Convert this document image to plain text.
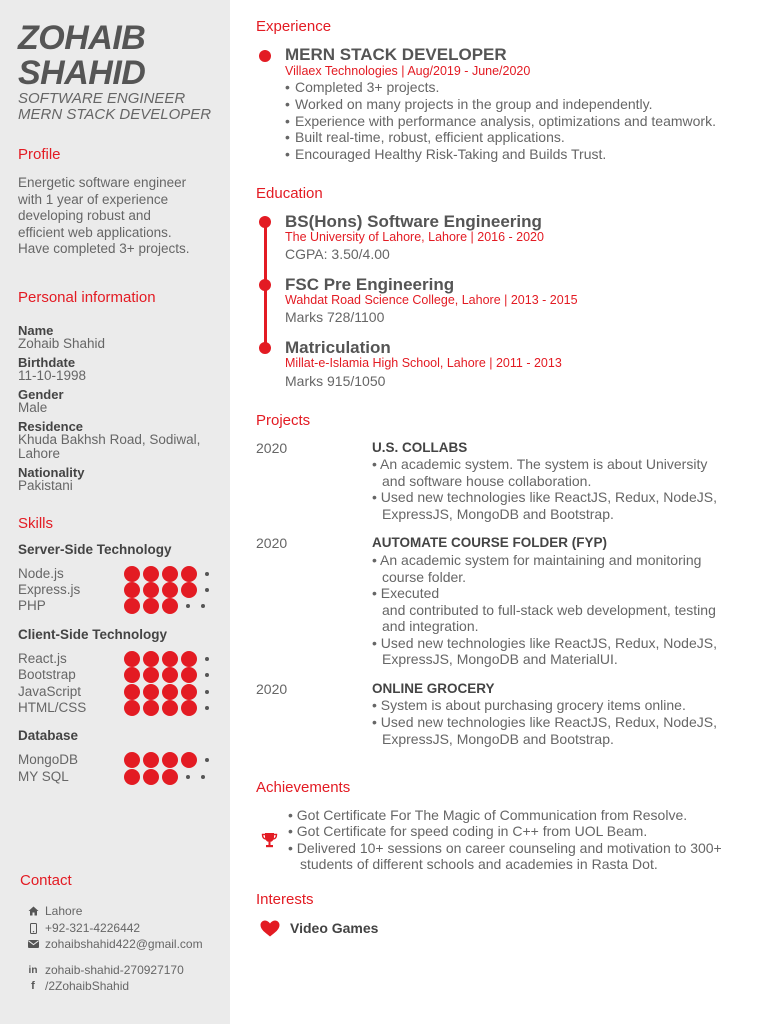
ZOHAIB
SHAHID
SOFTWARE ENGINEER
MERN STACK DEVELOPER
Profile
Energetic software engineer
with 1 year of experience
developing robust and
efficient web applications.
Have completed 3+ projects.
Personal information
Name
Zohaib Shahid
Birthdate
11-10-1998
Gender
Male
Residence
Khuda Bakhsh Road, Sodiwal,
Lahore
Nationality
Pakistani
Skills
Server-Side Technology
Node.js
Express.js
PHP
Client-Side Technology
React.js
Bootstrap
JavaScript
HTML/CSS
Database
MongoDB
MY SQL
Contact
Lahore
+92-321-4226442
zohaibshahid422@gmail.com
in zohaib-shahid-270927170
f /2ZohaibShahid
Experience
MERN STACK DEVELOPER
Villaex Technologies | Aug/2019 - June/2020
• Completed 3+ projects.
• Worked on many projects in the group and independently.
• Experience with performance analysis, optimizations and teamwork.
• Built real-time, robust, efficient applications.
• Encouraged Healthy Risk-Taking and Builds Trust.
Education
BS(Hons) Software Engineering
The University of Lahore, Lahore | 2016 - 2020
CGPA: 3.50/4.00
FSC Pre Engineering
Wahdat Road Science College, Lahore | 2013 - 2015
Marks 728/1100
Matriculation
Millat-e-Islamia High School, Lahore | 2011 - 2013
Marks 915/1050
Projects
2020	U.S. COLLABS
• An academic system. The system is about University
and software house collaboration.
• Used new technologies like ReactJS, Redux, NodeJS,
ExpressJS, MongoDB and Bootstrap.
2020	AUTOMATE COURSE FOLDER (FYP)
• An academic system for maintaining and monitoring
course folder.
• Executed
and contributed to full-stack web development, testing
and integration.
• Used new technologies like ReactJS, Redux, NodeJS,
ExpressJS, MongoDB and MaterialUI.
2020	ONLINE GROCERY
• System is about purchasing grocery items online.
• Used new technologies like ReactJS, Redux, NodeJS,
ExpressJS, MongoDB and Bootstrap.
Achievements
• Got Certificate For The Magic of Communication from Resolve.
• Got Certificate for speed coding in C++ from UOL Beam.
• Delivered 10+ sessions on career counseling and motivation to 300+
students of different schools and academies in Rasta Dot.
Interests
Video Games
